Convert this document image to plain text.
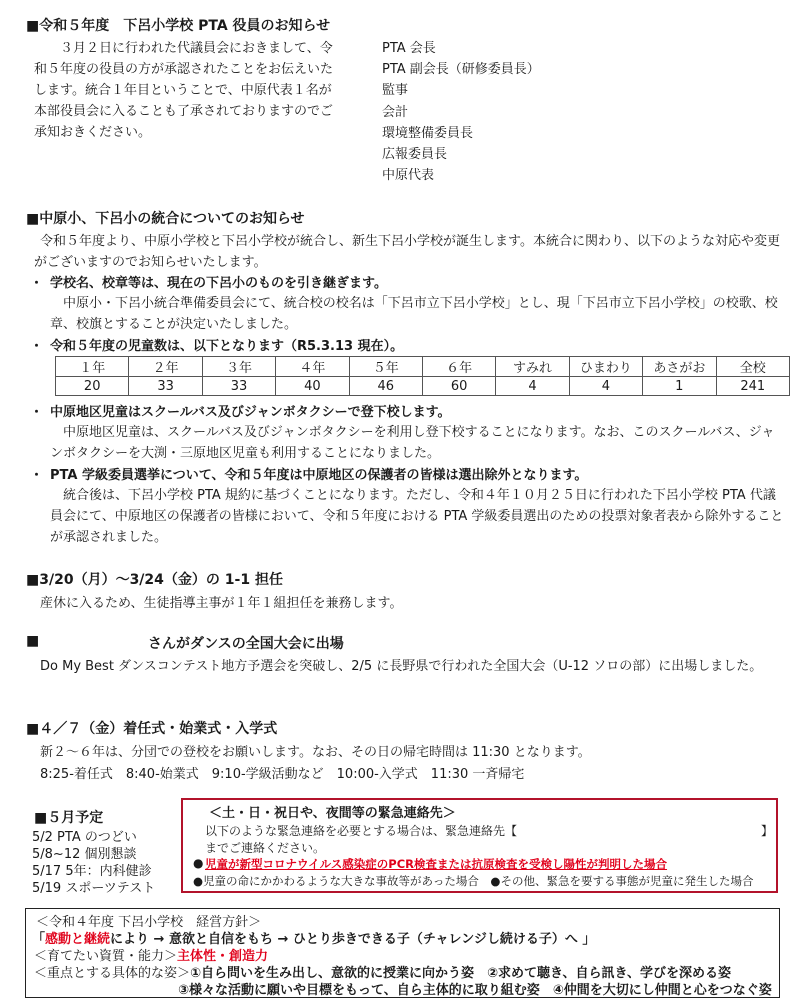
■令和５年度　下呂小学校 PTA 役員のお知らせ

３月２日に行われた代議員会におきまして、令和５年度の役員の方が承認されたことをお伝えいたします。統合１年目ということで、中原代表１名が本部役員会に入ることも了承されておりますのでご承知おきください。

PTA 会長
PTA 副会長（研修委員長）
監事
会計
環境整備委員長
広報委員長
中原代表
■中原小、下呂小の統合についてのお知らせ

令和５年度より、中原小学校と下呂小学校が統合し、新生下呂小学校が誕生します。本統合に関わり、以下のような対応や変更がございますのでお知らせいたします。

・ 学校名、校章等は、現在の下呂小のものを引き継ぎます。

中原小・下呂小統合準備委員会にて、統合校の校名は「下呂市立下呂小学校」とし、現「下呂市立下呂小学校」の校歌、校章、校旗とすることが決定いたしました。

・ 令和５年度の児童数は、以下となります（R5.3.13 現在）。
１年	２年	３年	４年	５年	６年	すみれ	ひまわり	あさがお	全校
20	33	33	40	46	60	4	4	1	241
・ 中原地区児童はスクールバス及びジャンボタクシーで登下校します。

中原地区児童は、スクールバス及びジャンボタクシーを利用し登下校することになります。なお、このスクールバス、ジャンボタクシーを大渕・三原地区児童も利用することになりました。

・ PTA 学級委員選挙について、令和５年度は中原地区の保護者の皆様は選出除外となります。

統合後は、下呂小学校 PTA 規約に基づくことになります。ただし、令和４年１０月２５日に行われた下呂小学校 PTA 代議員会にて、中原地区の保護者の皆様において、令和５年度における PTA 学級委員選出のための投票対象者表から除外することが承認されました。

■3/20（月）～3/24（金）の 1-1 担任
産休に入るため、生徒指導主事が１年１組担任を兼務します。
■	さんがダンスの全国大会に出場

Do My Best ダンスコンテスト地方予選会を突破し、2/5 に長野県で行われた全国大会（U-12 ソロの部）に出場しました。

■４／７（金）着任式・始業式・入学式
新２～６年は、分団での登校をお願いします。なお、その日の帰宅時間は 11:30 となります。
8:25-着任式　8:40-始業式　9:10-学級活動など　10:00-入学式　11:30 一斉帰宅
■５月予定
5/2 PTA のつどい
5/8~12 個別懇談
5/17 5年：内科健診
5/19 スポーツテスト
＜土・日・祝日や、夜間等の緊急連絡先＞
以下のような緊急連絡を必要とする場合は、緊急連絡先【	】
までご連絡ください。
● 児童が新型コロナウイルス感染症のPCR検査または抗原検査を受検し陽性が判明した場合
●児童の命にかかわるような大きな事故等があった場合　●その他、緊急を要する事態が児童に発生した場合
＜令和４年度 下呂小学校　経営方針＞
「感動と継続により → 意欲と自信をもち → ひとり歩きできる子（チャレンジし続ける子）へ 」
＜育てたい資質・能力＞主体性・創造力
＜重点とする具体的な姿＞①自ら問いを生み出し、意欲的に授業に向かう姿　②求めて聴き、自ら訊き、学びを深める姿
③様々な活動に願いや目標をもって、自ら主体的に取り組む姿　④仲間を大切にし仲間と心をつなぐ姿
